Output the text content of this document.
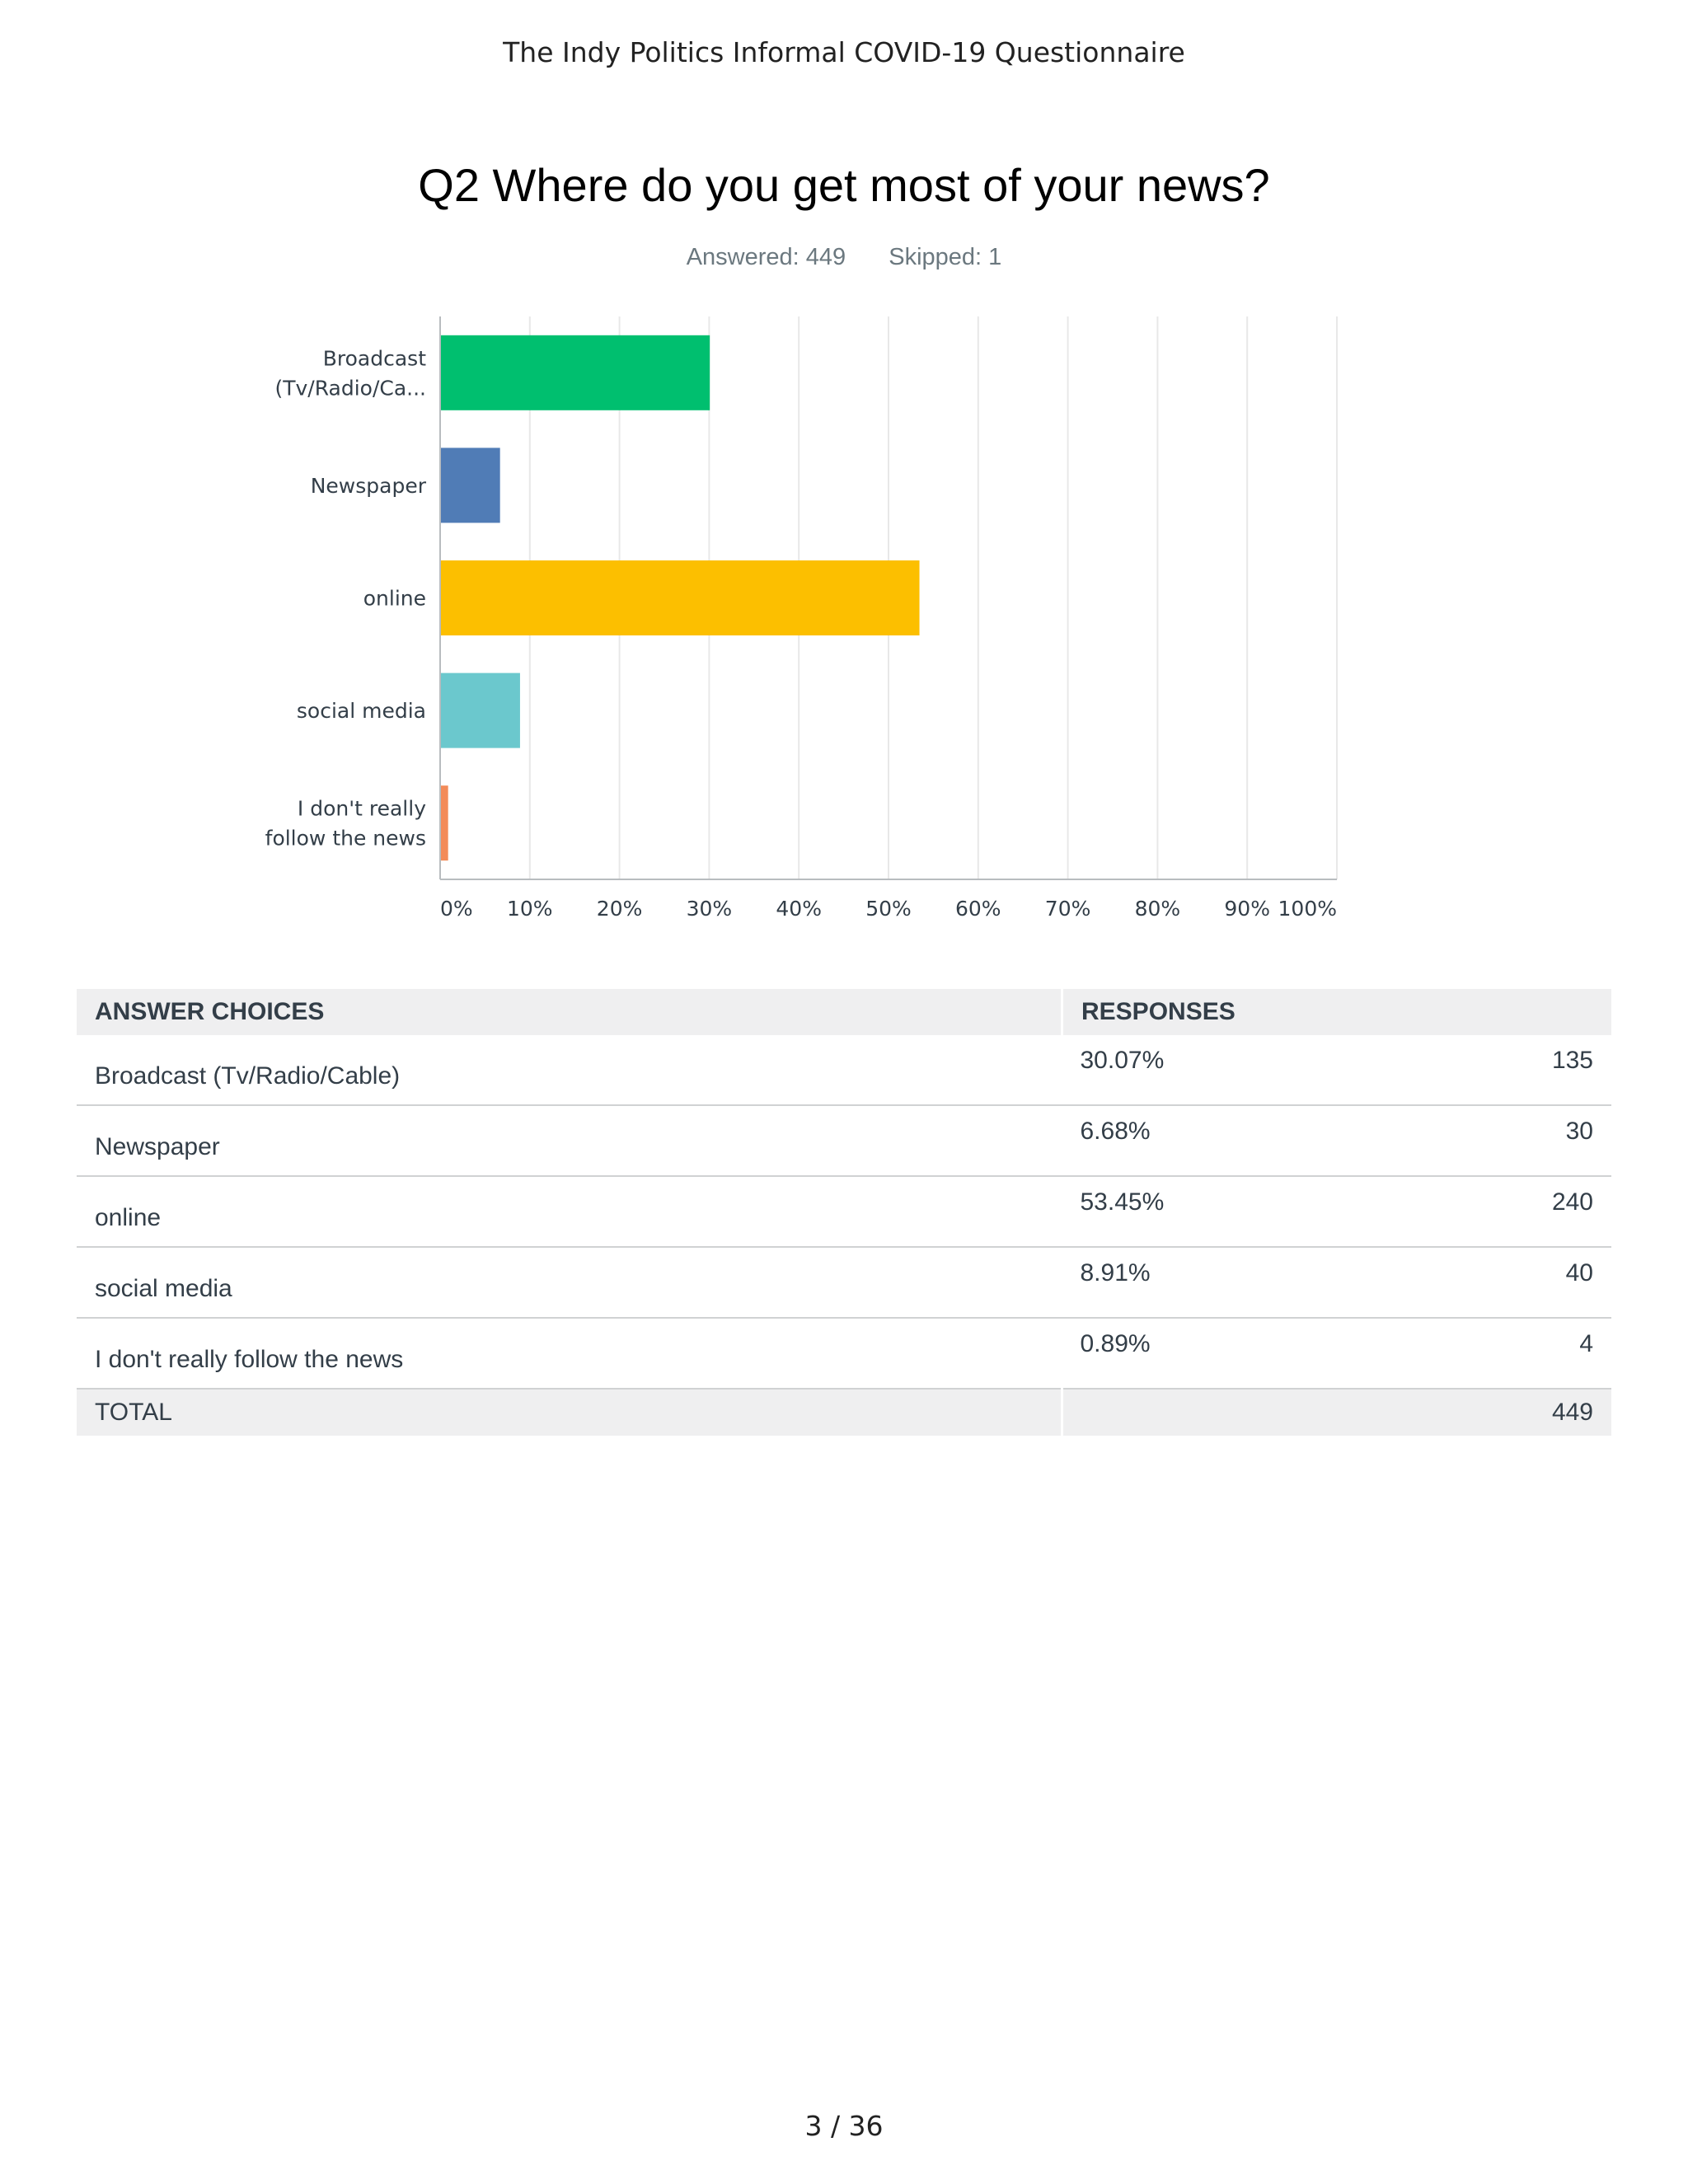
The Indy Politics Informal COVID-19 Questionnaire
Q2 Where do you get most of your news?
Answered: 449 Skipped: 1
Broadcast
(Tv/Radio/Ca...
Newspaper
online
social media
I don't really
follow the news
0% 10% 20% 30% 40% 50% 60% 70% 80% 90% 100%
ANSWER CHOICES	RESPONSES
Broadcast (Tv/Radio/Cable)	30.07% 135

Newspaper	6.68% 30

online	53.45% 240

social media	8.91% 40

I don't really follow the news	0.89% 4

TOTAL	449
3 / 36
